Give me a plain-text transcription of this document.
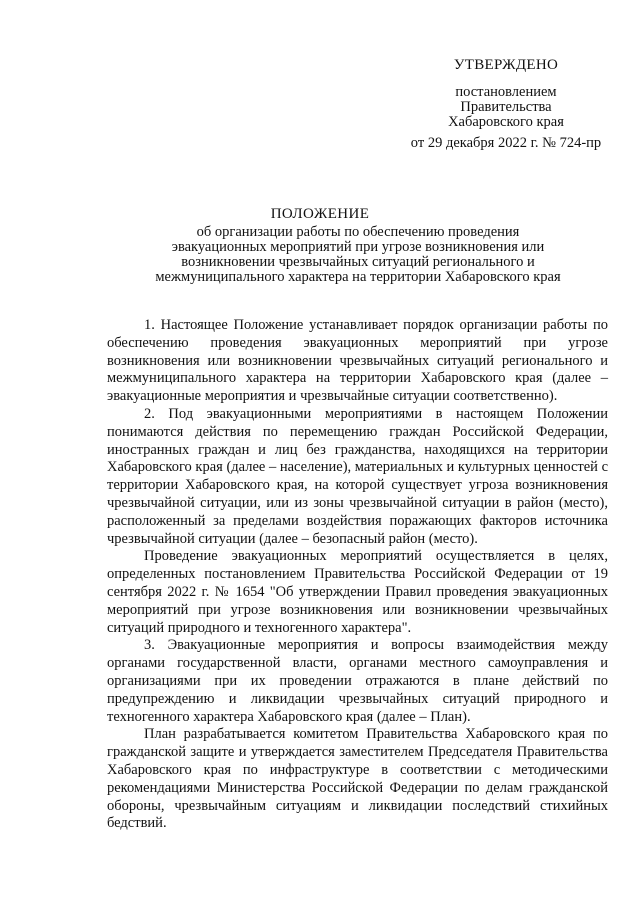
УТВЕРЖДЕНО
постановлением
Правительства
Хабаровского края
от 29 декабря 2022 г. № 724-пр
ПОЛОЖЕНИЕ
об организации работы по обеспечению проведения
эвакуационных мероприятий при угрозе возникновения или
возникновении чрезвычайных ситуаций регионального и
межмуниципального характера на территории Хабаровского края

1. Настоящее Положение устанавливает порядок организации работы по обеспечению проведения эвакуационных мероприятий при угрозе возникновения или возникновении чрезвычайных ситуаций регионального и межмуниципального характера на территории Хабаровского края (далее – эвакуационные мероприятия и чрезвычайные ситуации соответственно).

2. Под эвакуационными мероприятиями в настоящем Положении понимаются действия по перемещению граждан Российской Федерации, иностранных граждан и лиц без гражданства, находящихся на территории Хабаровского края (далее – население), материальных и культурных ценностей с территории Хабаровского края, на которой существует угроза возникновения чрезвычайной ситуации, или из зоны чрезвычайной ситуации в район (место), расположенный за пределами воздействия поражающих факторов источника чрезвычайной ситуации (далее – безопасный район (место).

Проведение эвакуационных мероприятий осуществляется в целях, определенных постановлением Правительства Российской Федерации от 19 сентября 2022 г. № 1654 "Об утверждении Правил проведения эвакуационных мероприятий при угрозе возникновения или возникновении чрезвычайных ситуаций природного и техногенного характера".

3. Эвакуационные мероприятия и вопросы взаимодействия между органами государственной власти, органами местного самоуправления и организациями при их проведении отражаются в плане действий по предупреждению и ликвидации чрезвычайных ситуаций природного и техногенного характера Хабаровского края (далее – План).

План разрабатывается комитетом Правительства Хабаровского края по гражданской защите и утверждается заместителем Председателя Правительства Хабаровского края по инфраструктуре в соответствии с методическими рекомендациями Министерства Российской Федерации по делам гражданской обороны, чрезвычайным ситуациям и ликвидации последствий стихийных бедствий.
